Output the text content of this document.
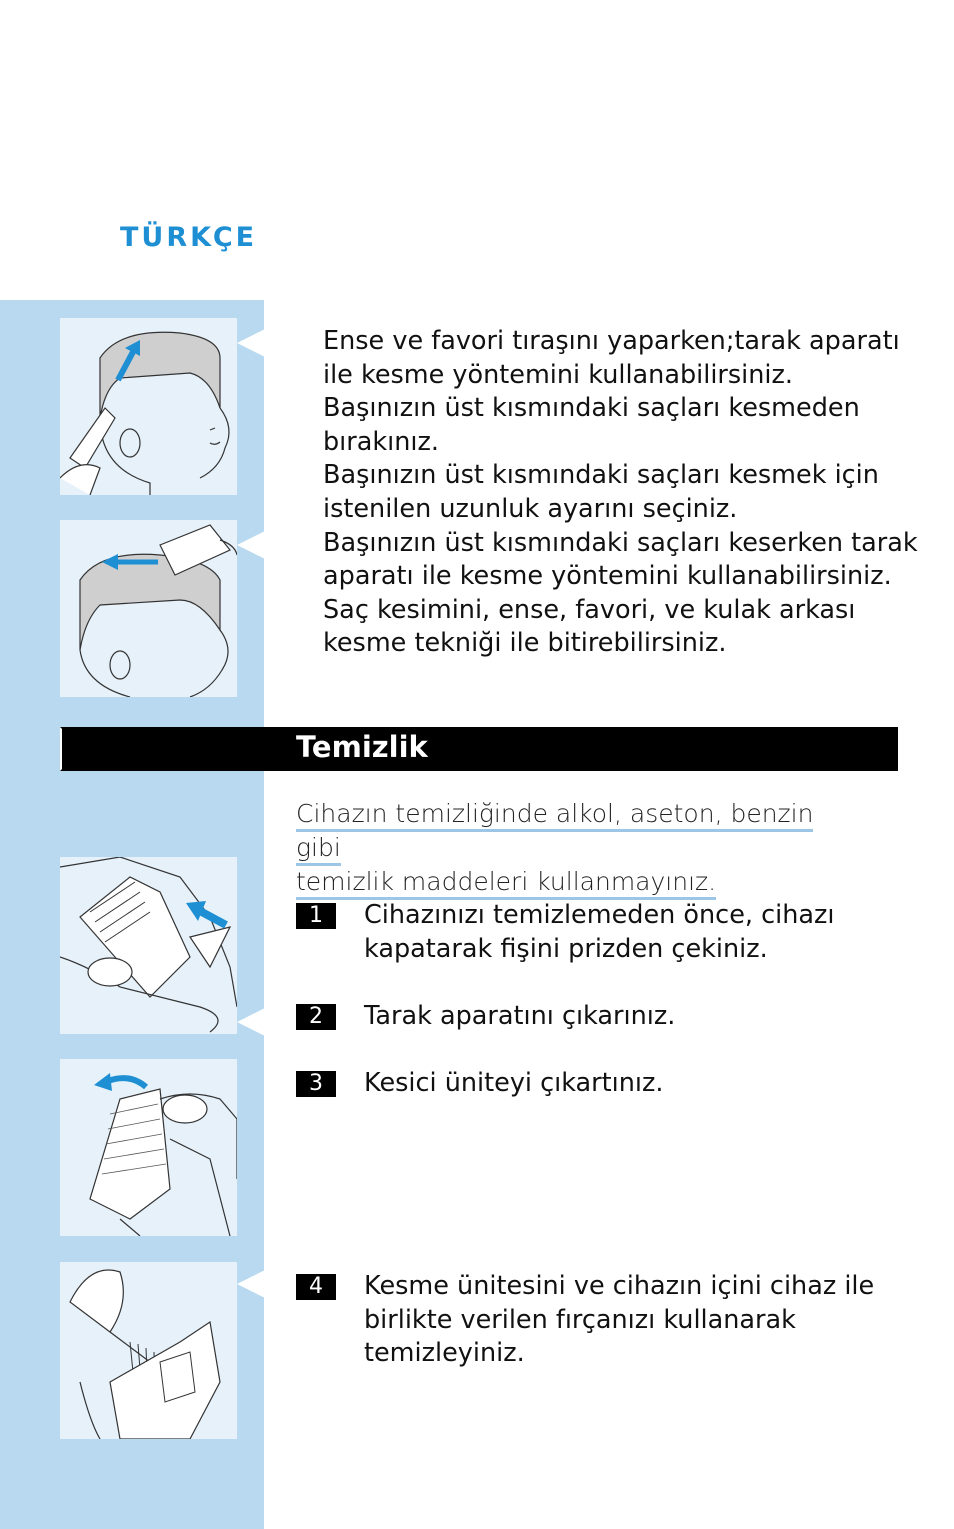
TÜRKÇE

Ense ve favori tıraşını yaparken;tarak aparatı

ile kesme yöntemini kullanabilirsiniz.

Başınızın üst kısmındaki saçları kesmeden

bırakınız.

Başınızın üst kısmındaki saçları kesmek için

istenilen uzunluk ayarını seçiniz.

Başınızın üst kısmındaki saçları keserken tarak

aparatı ile kesme yöntemini kullanabilirsiniz.

Saç kesimini, ense, favori, ve kulak arkası

kesme tekniği ile bitirebilirsiniz.

Temizlik
Cihazın temizliğinde alkol, aseton, benzin gibi
temizlik maddeleri kullanmayınız.
1	Cihazınızı temizlemeden önce, cihazı kapatarak fişini prizden çekiniz.
2	Tarak aparatını çıkarınız.
3	Kesici üniteyi çıkartınız.
4	Kesme ünitesini ve cihazın içini cihaz ile birlikte verilen fırçanızı kullanarak temizleyiniz.
